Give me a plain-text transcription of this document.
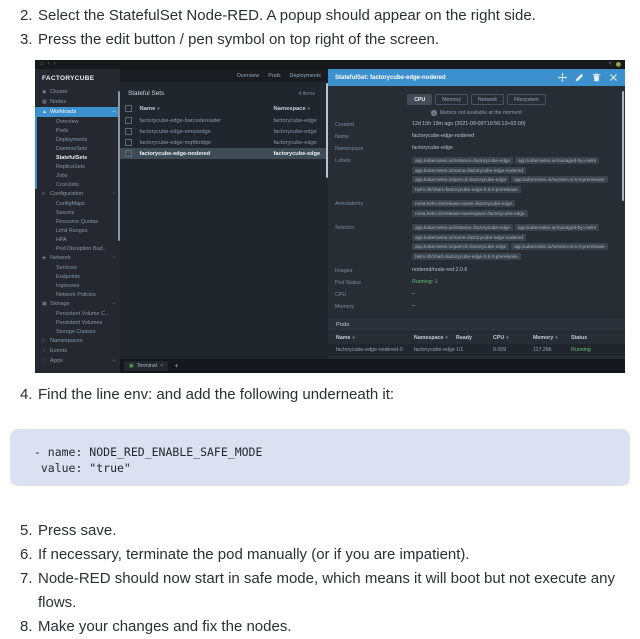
2. Select the StatefulSet Node-RED. A popup should appear on the right side.
3. Press the edit button / pen symbol on top right of the screen.
⌂ ‹ ›	<
FACTORYCUBE
◉ Cluster
▦ Nodes
▲ Workloads	^
Overview
Pods
Deployments
DaemonSets
StatefulSets
ReplicaSets
Jobs
CronJobs
≡ Configuration	^
ConfigMaps
Secrets
Resource Quotas
Limit Ranges
HPA
Pod Disruption Bud...
◈ Network	^
Services
Endpoints
Ingresses
Network Policies
▣ Storage	^
Persistent Volume C...
Persistent Volumes
Storage Classes
□ Namespaces
○ Events
∷ Apps	^
Overview Pods Deployments
Stateful Sets	4 items
Name ▾	Namespace ▾
factorycube-edge-barcodereader	factorycube-edge
factorycube-edge-emqxedge	factorycube-edge
factorycube-edge-mqttbridge	factorycube-edge
factorycube-edge-nodered	factorycube-edge
StatefulSet: factorycube-edge-nodered
CPU	Memory	Network	Filesystem
i Metrics not available at the moment
Created	12d 15h 19m ago (2021-09-09T19:56:13+02:00)
Name	factorycube-edge-nodered
Namespace	factorycube-edge
Labels	app.kubernetes.io/instance=factorycube-edge	app.kubernetes.io/managed-by=Helm
app.kubernetes.io/name=factorycube-edge-nodered
app.kubernetes.io/part-of=factorycube-edge	app.kubernetes.io/version=0.6.0-prerelease
helm.sh/chart=factorycube-edge-0.6.0-prerelease
Annotations	meta.helm.sh/release-name=factorycube-edge
meta.helm.sh/release-namespace=factorycube-edge
Selector	app.kubernetes.io/instance=factorycube-edge	app.kubernetes.io/managed-by=Helm
app.kubernetes.io/name=factorycube-edge-nodered
app.kubernetes.io/part-of=factorycube-edge	app.kubernetes.io/version=0.6.0-prerelease
helm.sh/chart=factorycube-edge-0.6.0-prerelease
Images	nodered/node-red:2.0.6
Pod Status	Running: 1
CPU	–
Memory	–
Pods
Name ▾	Namespace ▾	Ready	CPU ▾	Memory ▾	Status
factorycube-edge-nodered-0	factorycube-edge 1/1	0.009	117.2Mi	Running
▣ Terminal × +
4. Find the line env: and add the following underneath it:
- name: NODE_RED_ENABLE_SAFE_MODE
value: "true"
5. Press save.
6. If necessary, terminate the pod manually (or if you are impatient).
7. Node-RED should now start in safe mode, which means it will boot but not execute any flows.
8. Make your changes and fix the nodes.
